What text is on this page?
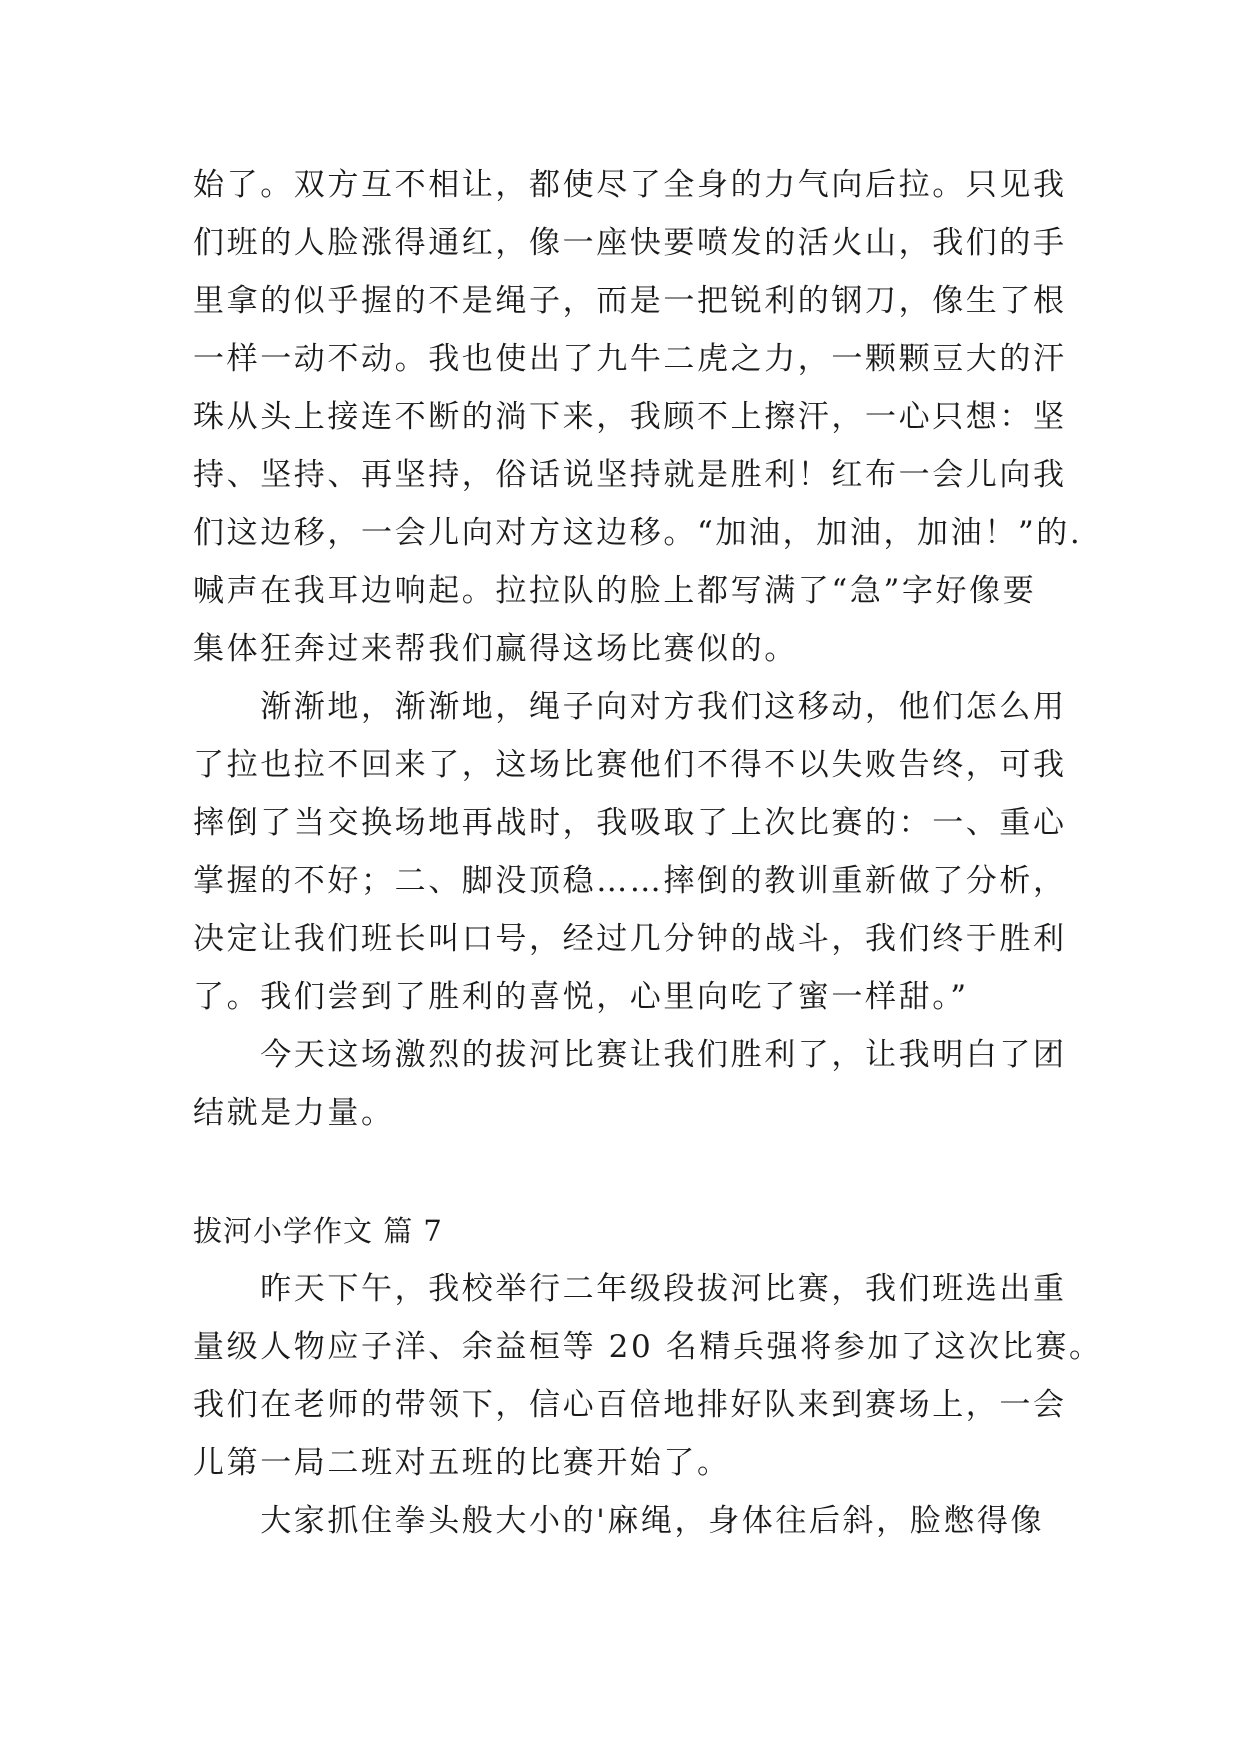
始了。双方互不相让，都使尽了全身的力气向后拉。只见我
们班的人脸涨得通红，像一座快要喷发的活火山，我们的手
里拿的似乎握的不是绳子，而是一把锐利的钢刀，像生了根
一样一动不动。我也使出了九牛二虎之力，一颗颗豆大的汗
珠从头上接连不断的淌下来，我顾不上擦汗，一心只想：坚
持、坚持、再坚持，俗话说坚持就是胜利！红布一会儿向我
们这边移，一会儿向对方这边移。“加油，加油，加油！”的.
喊声在我耳边响起。拉拉队的脸上都写满了“急”字好像要
集体狂奔过来帮我们赢得这场比赛似的。
　　渐渐地，渐渐地，绳子向对方我们这移动，他们怎么用
了拉也拉不回来了，这场比赛他们不得不以失败告终，可我
摔倒了当交换场地再战时，我吸取了上次比赛的：一、重心
掌握的不好；二、脚没顶稳……摔倒的教训重新做了分析，
决定让我们班长叫口号，经过几分钟的战斗，我们终于胜利
了。我们尝到了胜利的喜悦，心里向吃了蜜一样甜。”
　　今天这场激烈的拔河比赛让我们胜利了，让我明白了团
结就是力量。
拔河小学作文 篇 7
　　昨天下午，我校举行二年级段拔河比赛，我们班选出重
量级人物应子洋、余益桓等 20 名精兵强将参加了这次比赛。
我们在老师的带领下，信心百倍地排好队来到赛场上，一会
儿第一局二班对五班的比赛开始了。
　　大家抓住拳头般大小的'麻绳，身体往后斜，脸憋得像
